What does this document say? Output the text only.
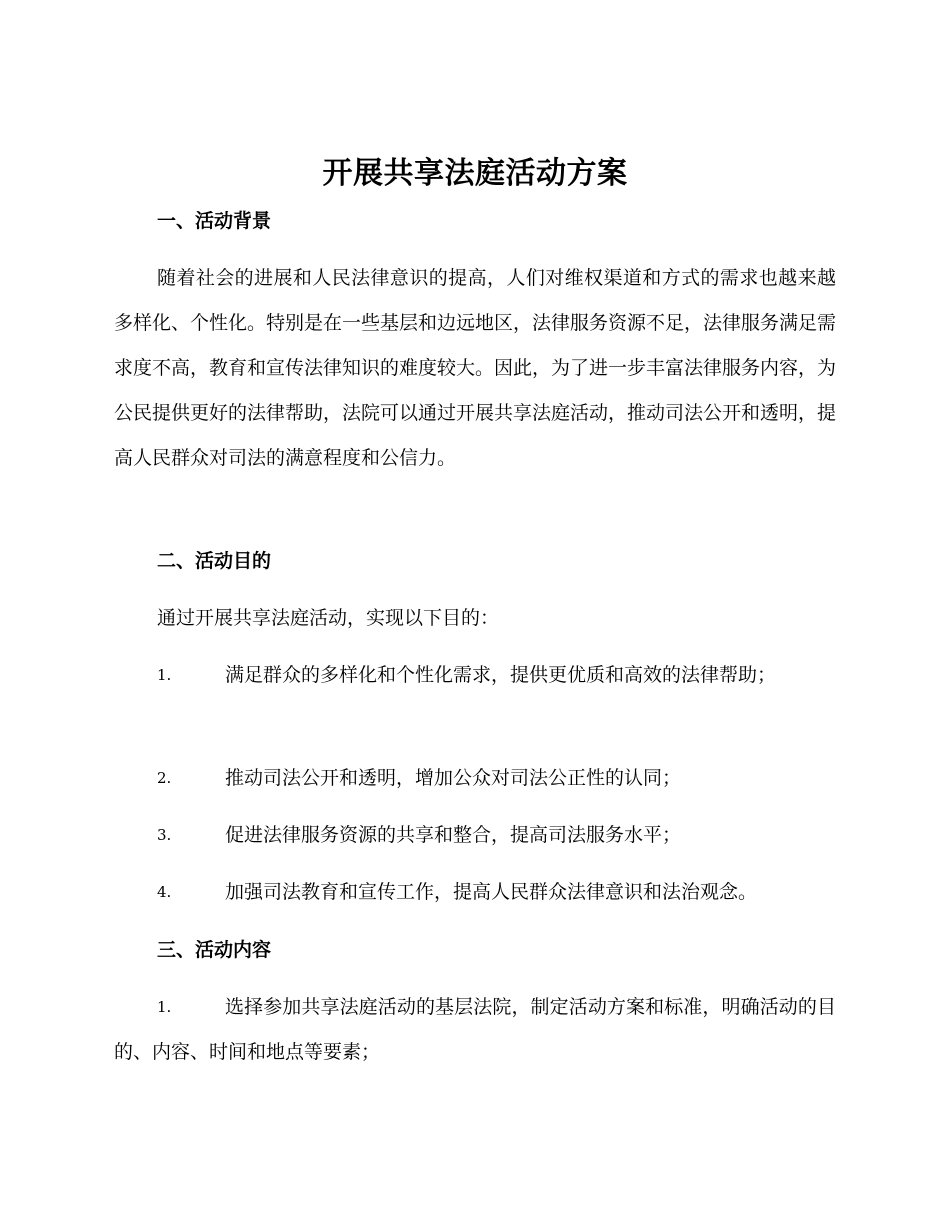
开展共享法庭活动方案
一、活动背景

随着社会的进展和人民法律意识的提高，人们对维权渠道和方式的需求也越来越多样化、个性化。特别是在一些基层和边远地区，法律服务资源不足，法律服务满足需求度不高，教育和宣传法律知识的难度较大。因此，为了进一步丰富法律服务内容，为公民提供更好的法律帮助，法院可以通过开展共享法庭活动，推动司法公开和透明，提高人民群众对司法的满意程度和公信力。

二、活动目的
通过开展共享法庭活动，实现以下目的：
1.	满足群众的多样化和个性化需求，提供更优质和高效的法律帮助；

2.	推动司法公开和透明，增加公众对司法公正性的认同；

3.	促进法律服务资源的共享和整合，提高司法服务水平；

4.	加强司法教育和宣传工作，提高人民群众法律意识和法治观念。

三、活动内容
1.	选择参加共享法庭活动的基层法院，制定活动方案和标准，明确活动的目的、内容、时间和地点等要素；
